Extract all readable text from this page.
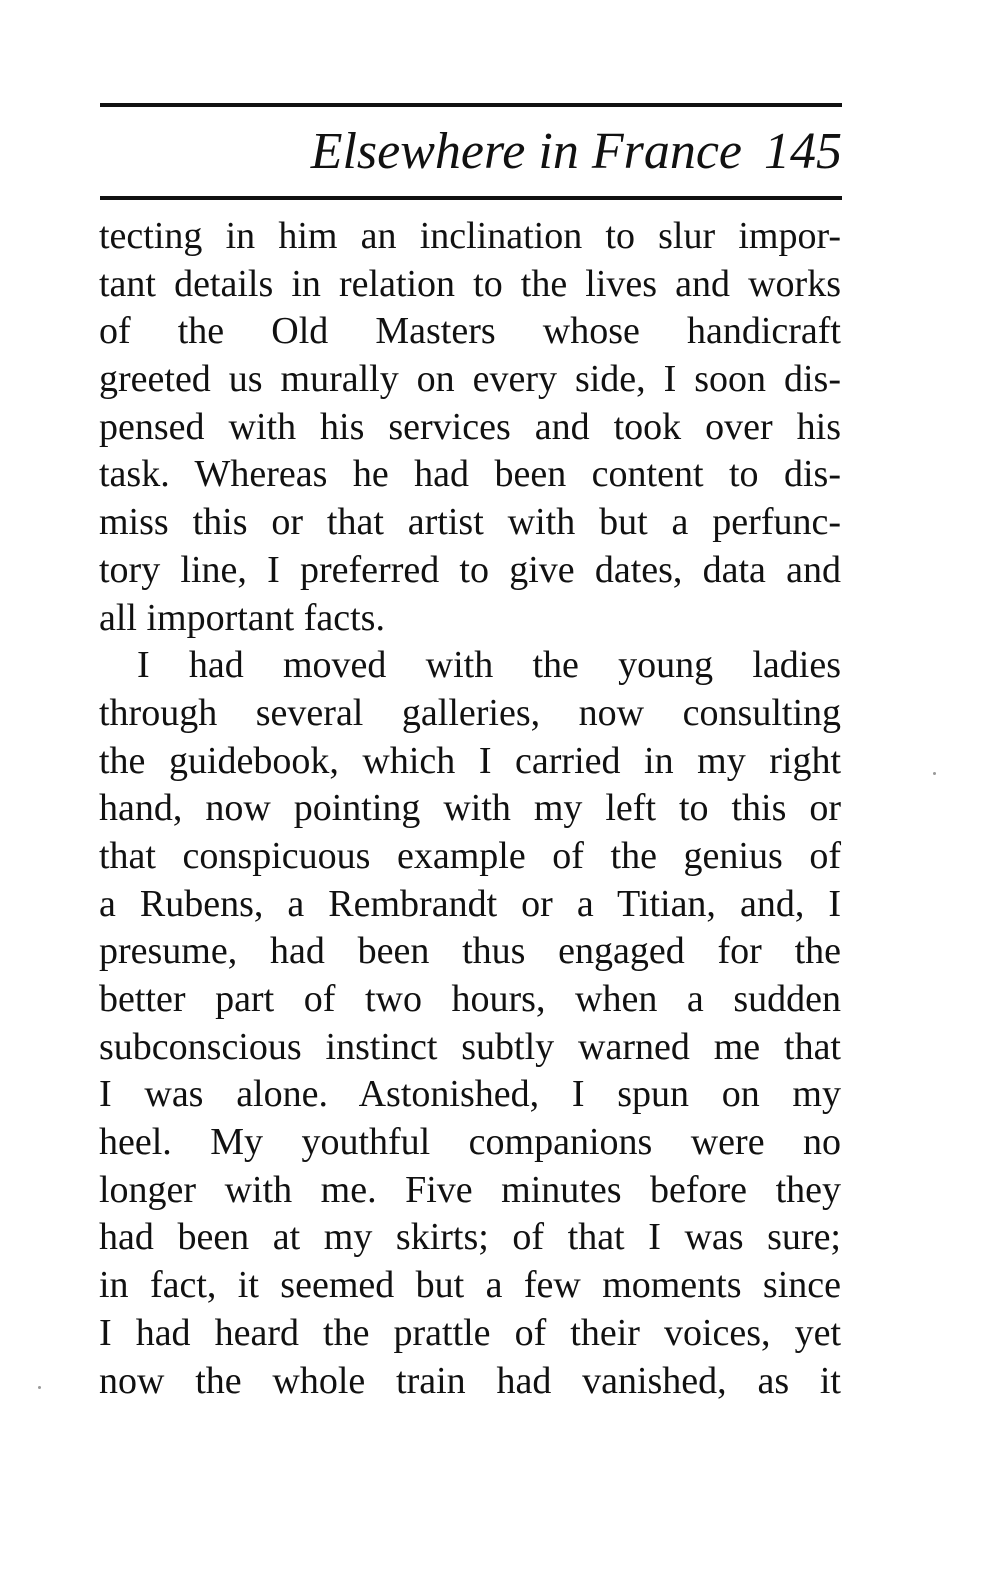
Elsewhere in France 145
tecting in him an inclination to slur impor-
tant details in relation to the lives and works
of the Old Masters whose handicraft
greeted us murally on every side, I soon dis-
pensed with his services and took over his
task. Whereas he had been content to dis-
miss this or that artist with but a perfunc-
tory line, I preferred to give dates, data and
all important facts.
I had moved with the young ladies
through several galleries, now consulting
the guidebook, which I carried in my right
hand, now pointing with my left to this or
that conspicuous example of the genius of
a Rubens, a Rembrandt or a Titian, and, I
presume, had been thus engaged for the
better part of two hours, when a sudden
subconscious instinct subtly warned me that
I was alone. Astonished, I spun on my
heel. My youthful companions were no
longer with me. Five minutes before they
had been at my skirts; of that I was sure;
in fact, it seemed but a few moments since
I had heard the prattle of their voices, yet
now the whole train had vanished, as it
